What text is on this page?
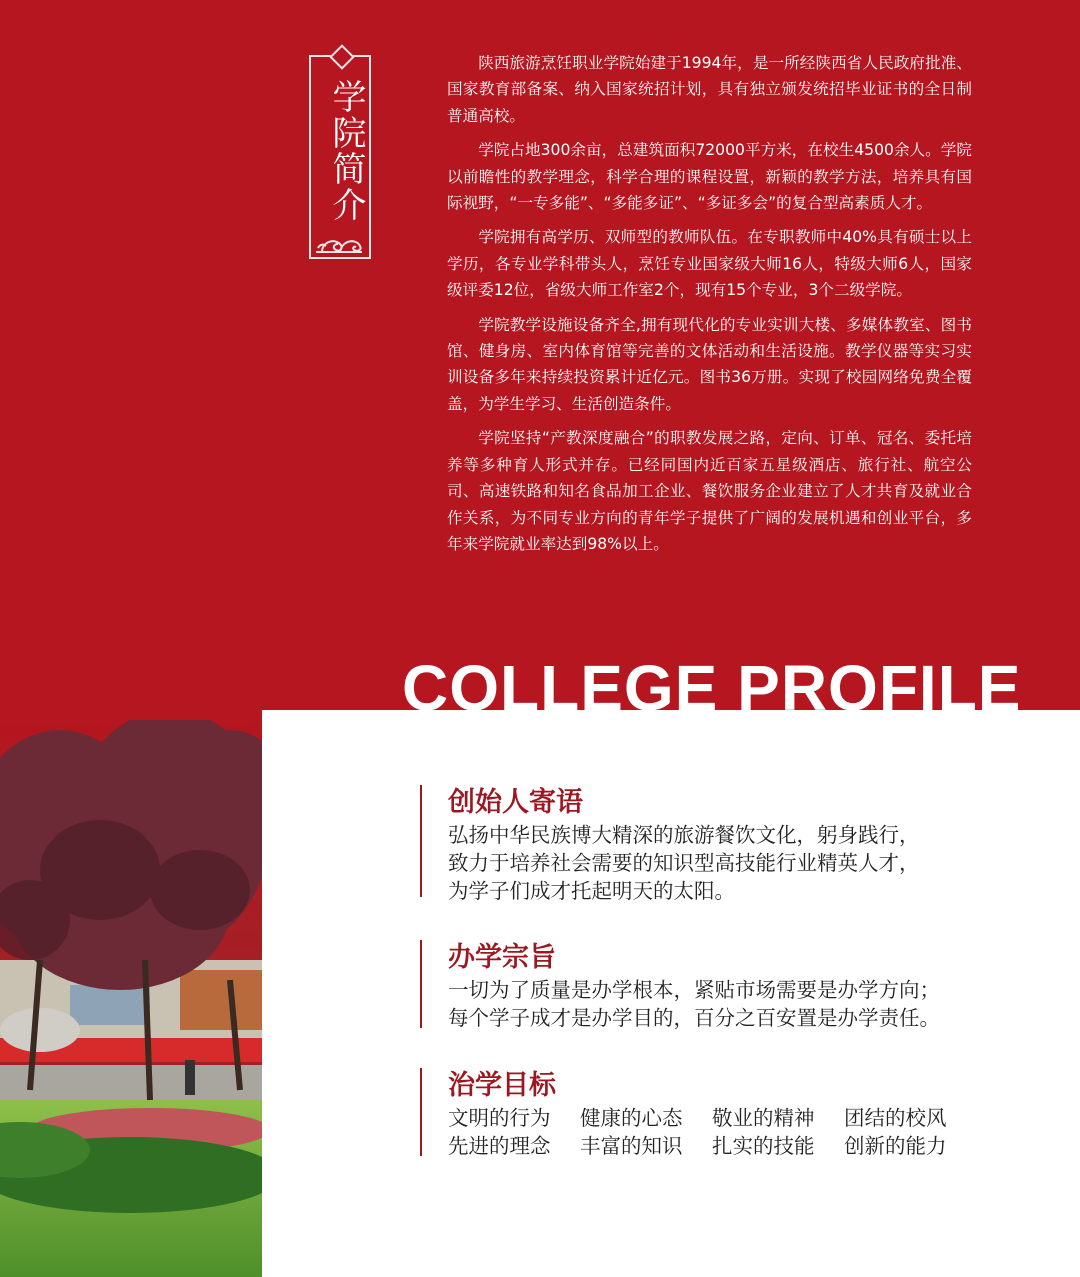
学院简介

陕西旅游烹饪职业学院始建于1994年，是一所经陕西省人民政府批准、国家教育部备案、纳入国家统招计划，具有独立颁发统招毕业证书的全日制普通高校。

学院占地300余亩，总建筑面积72000平方米，在校生4500余人。学院以前瞻性的教学理念，科学合理的课程设置，新颖的教学方法，培养具有国际视野，“一专多能”、“多能多证”、“多证多会”的复合型高素质人才。

学院拥有高学历、双师型的教师队伍。在专职教师中40%具有硕士以上学历，各专业学科带头人，烹饪专业国家级大师16人，特级大师6人，国家级评委12位，省级大师工作室2个，现有15个专业，3个二级学院。

学院教学设施设备齐全,拥有现代化的专业实训大楼、多媒体教室、图书馆、健身房、室内体育馆等完善的文体活动和生活设施。教学仪器等实习实训设备多年来持续投资累计近亿元。图书36万册。实现了校园网络免费全覆盖，为学生学习、生活创造条件。

学院坚持“产教深度融合”的职教发展之路，定向、订单、冠名、委托培养等多种育人形式并存。已经同国内近百家五星级酒店、旅行社、航空公司、高速铁路和知名食品加工企业、餐饮服务企业建立了人才共育及就业合作关系，为不同专业方向的青年学子提供了广阔的发展机遇和创业平台，多年来学院就业率达到98%以上。

COLLEGE PROFILE
创始人寄语
弘扬中华民族博大精深的旅游餐饮文化，躬身践行，
致力于培养社会需要的知识型高技能行业精英人才，
为学子们成才托起明天的太阳。
办学宗旨
一切为了质量是办学根本，紧贴市场需要是办学方向；
每个学子成才是办学目的，百分之百安置是办学责任。
治学目标
文明的行为	健康的心态	敬业的精神	团结的校风
先进的理念	丰富的知识	扎实的技能	创新的能力
